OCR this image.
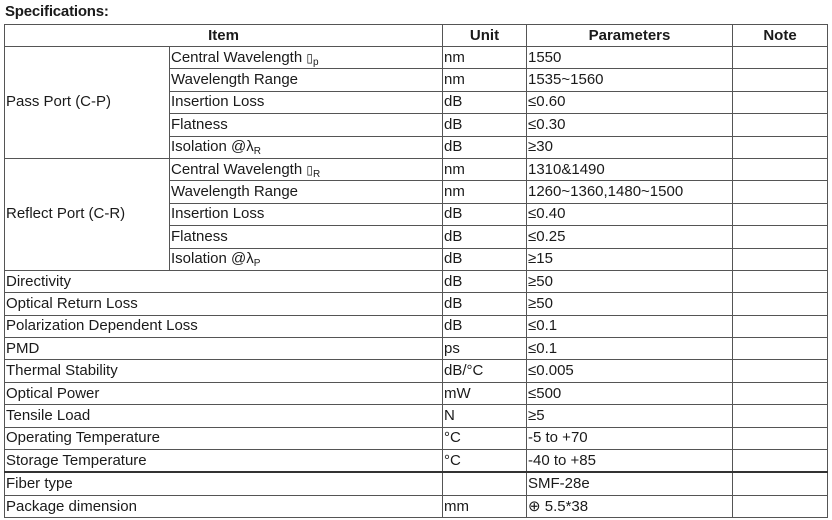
Specifications:
Item		Unit	Parameters	Note
Pass Port (C-P)	Central Wavelength $▯_p$	nm	1550	
	Wavelength Range	nm	1535~1560	
	Insertion Loss	dB	≤0.60	
	Flatness	dB	≤0.30	
	Isolation $@\lambda_R$	dB	≥30	
Reflect Port (C-R)	Central Wavelength $▯_R$	nm	1310&1490	
	Wavelength Range	nm	1260~1360,1480~1500	
	Insertion Loss	dB	≤0.40	
	Flatness	dB	≤0.25	
	Isolation $@\lambda_P$	dB	≥15	
Directivity		dB	≥50	
Optical Return Loss		dB	≥50	
Polarization Dependent Loss		dB	≤0.1	
PMD		ps	≤0.1	
Thermal Stability		dB/°C	≤0.005	
Optical Power		mW	≤500	
Tensile Load		N	≥5	
Operating Temperature		°C	-5 to +70	
Storage Temperature		°C	-40 to +85	
Fiber type			SMF-28e	
Package dimension		mm	⊕ 5.5*38	
